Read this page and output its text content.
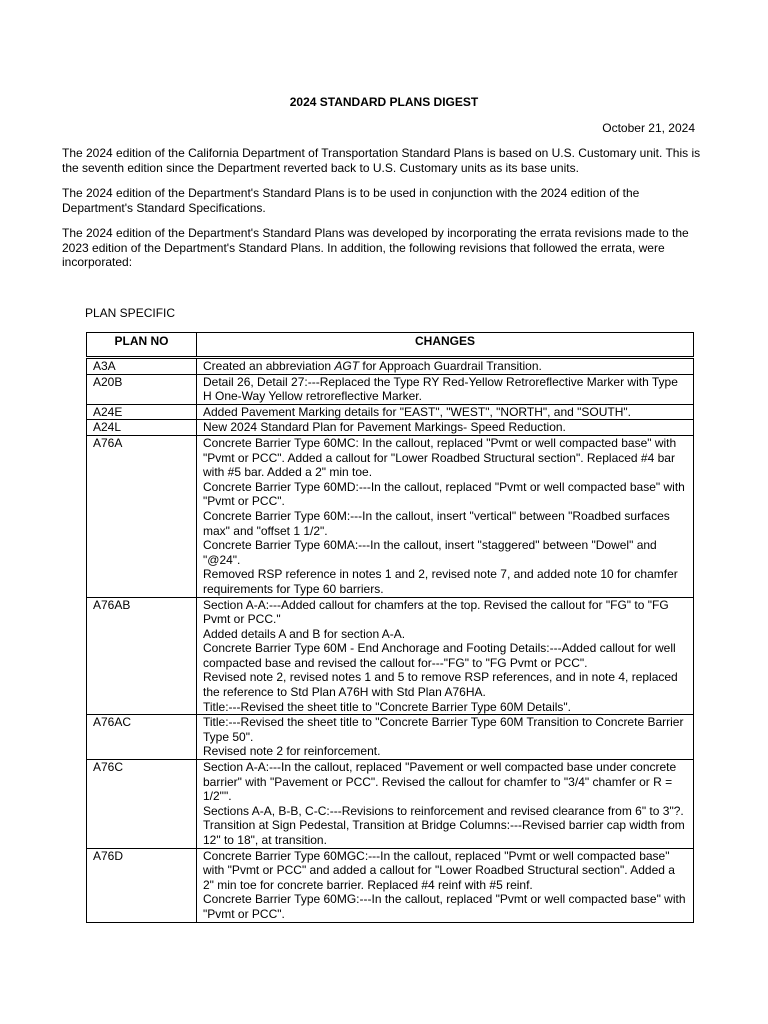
2024 STANDARD PLANS DIGEST
October 21, 2024

The 2024 edition of the California Department of Transportation Standard Plans is based on U.S. Customary unit. This is the seventh edition since the Department reverted back to U.S. Customary units as its base units.

The 2024 edition of the Department's Standard Plans is to be used in conjunction with the 2024 edition of the Department's Standard Specifications.

The 2024 edition of the Department's Standard Plans was developed by incorporating the errata revisions made to the 2023 edition of the Department's Standard Plans. In addition, the following revisions that followed the errata, were incorporated:

PLAN SPECIFIC
PLAN NO	CHANGES
A3A	Created an abbreviation AGT for Approach Guardrail Transition.

A20B	Detail 26, Detail 27:---Replaced the Type RY Red-Yellow Retroreflective Marker with Type H One-Way Yellow retroreflective Marker.

A24E	Added Pavement Marking details for "EAST", "WEST", "NORTH", and "SOUTH".

A24L	New 2024 Standard Plan for Pavement Markings- Speed Reduction.

A76A	Concrete Barrier Type 60MC: In the callout, replaced "Pvmt or well compacted base" with "Pvmt or PCC". Added a callout for "Lower Roadbed Structural section". Replaced #4 bar with #5 bar. Added a 2" min toe.
Concrete Barrier Type 60MD:---In the callout, replaced "Pvmt or well compacted base" with "Pvmt or PCC".
Concrete Barrier Type 60M:---In the callout, insert "vertical" between "Roadbed surfaces max" and "offset 1 1/2".
Concrete Barrier Type 60MA:---In the callout, insert "staggered" between "Dowel" and "@24".
Removed RSP reference in notes 1 and 2, revised note 7, and added note 10 for chamfer requirements for Type 60 barriers.

A76AB	Section A-A:---Added callout for chamfers at the top. Revised the callout for "FG" to "FG Pvmt or PCC."
Added details A and B for section A-A.
Concrete Barrier Type 60M - End Anchorage and Footing Details:---Added callout for well compacted base and revised the callout for---"FG" to "FG Pvmt or PCC".
Revised note 2, revised notes 1 and 5 to remove RSP references, and in note 4, replaced the reference to Std Plan A76H with Std Plan A76HA.
Title:---Revised the sheet title to "Concrete Barrier Type 60M Details".

A76AC	Title:---Revised the sheet title to "Concrete Barrier Type 60M Transition to Concrete Barrier Type 50".
Revised note 2 for reinforcement.

A76C	Section A-A:---In the callout, replaced "Pavement or well compacted base under concrete barrier" with "Pavement or PCC". Revised the callout for chamfer to "3/4" chamfer or R = 1/2"".
Sections A-A, B-B, C-C:---Revisions to reinforcement and revised clearance from 6" to 3"?.
Transition at Sign Pedestal, Transition at Bridge Columns:---Revised barrier cap width from 12" to 18", at transition.

A76D	Concrete Barrier Type 60MGC:---In the callout, replaced "Pvmt or well compacted base" with "Pvmt or PCC" and added a callout for "Lower Roadbed Structural section". Added a 2" min toe for concrete barrier. Replaced #4 reinf with #5 reinf.
Concrete Barrier Type 60MG:---In the callout, replaced "Pvmt or well compacted base" with "Pvmt or PCC".
